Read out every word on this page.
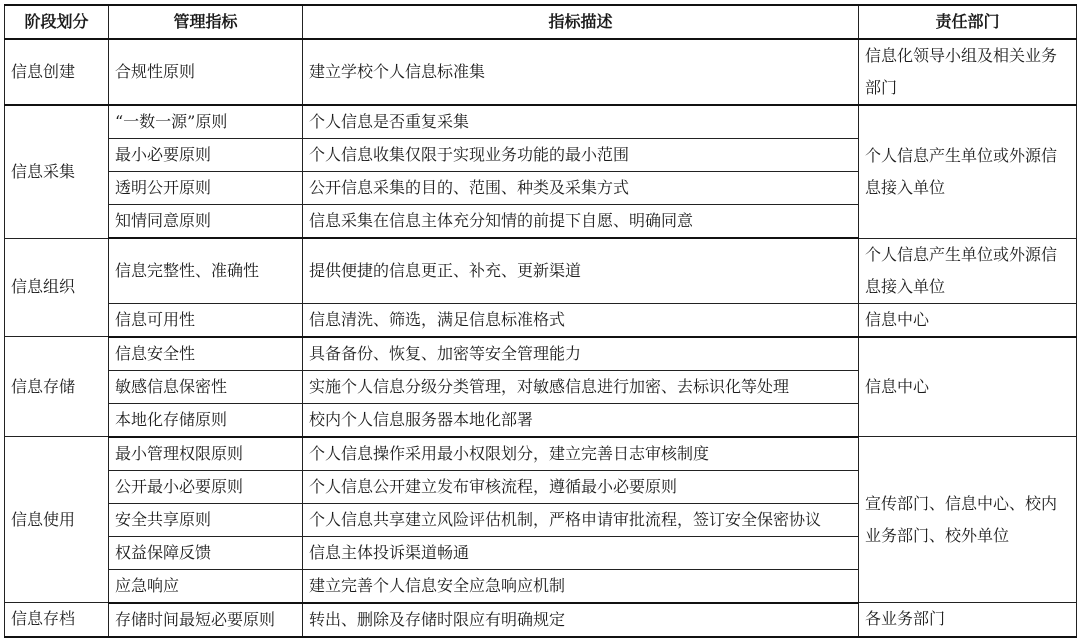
阶段划分	管理指标	指标描述	责任部门
信息创建	合规性原则	建立学校个人信息标准集	信息化领导小组及相关业务部门
信息采集	“一数一源”原则	个人信息是否重复采集	个人信息产生单位或外源信息接入单位
	最小必要原则	个人信息收集仅限于实现业务功能的最小范围	
	透明公开原则	公开信息采集的目的、范围、种类及采集方式	
	知情同意原则	信息采集在信息主体充分知情的前提下自愿、明确同意	
信息组织	信息完整性、准确性	提供便捷的信息更正、补充、更新渠道	个人信息产生单位或外源信息接入单位
	信息可用性	信息清洗、筛选，满足信息标准格式	信息中心
信息存储	信息安全性	具备备份、恢复、加密等安全管理能力	信息中心
	敏感信息保密性	实施个人信息分级分类管理，对敏感信息进行加密、去标识化等处理	
	本地化存储原则	校内个人信息服务器本地化部署	
信息使用	最小管理权限原则	个人信息操作采用最小权限划分，建立完善日志审核制度	宣传部门、信息中心、校内业务部门、校外单位
	公开最小必要原则	个人信息公开建立发布审核流程，遵循最小必要原则	
	安全共享原则	个人信息共享建立风险评估机制，严格申请审批流程，签订安全保密协议	
	权益保障反馈	信息主体投诉渠道畅通	
	应急响应	建立完善个人信息安全应急响应机制	
信息存档	存储时间最短必要原则	转出、删除及存储时限应有明确规定	各业务部门
